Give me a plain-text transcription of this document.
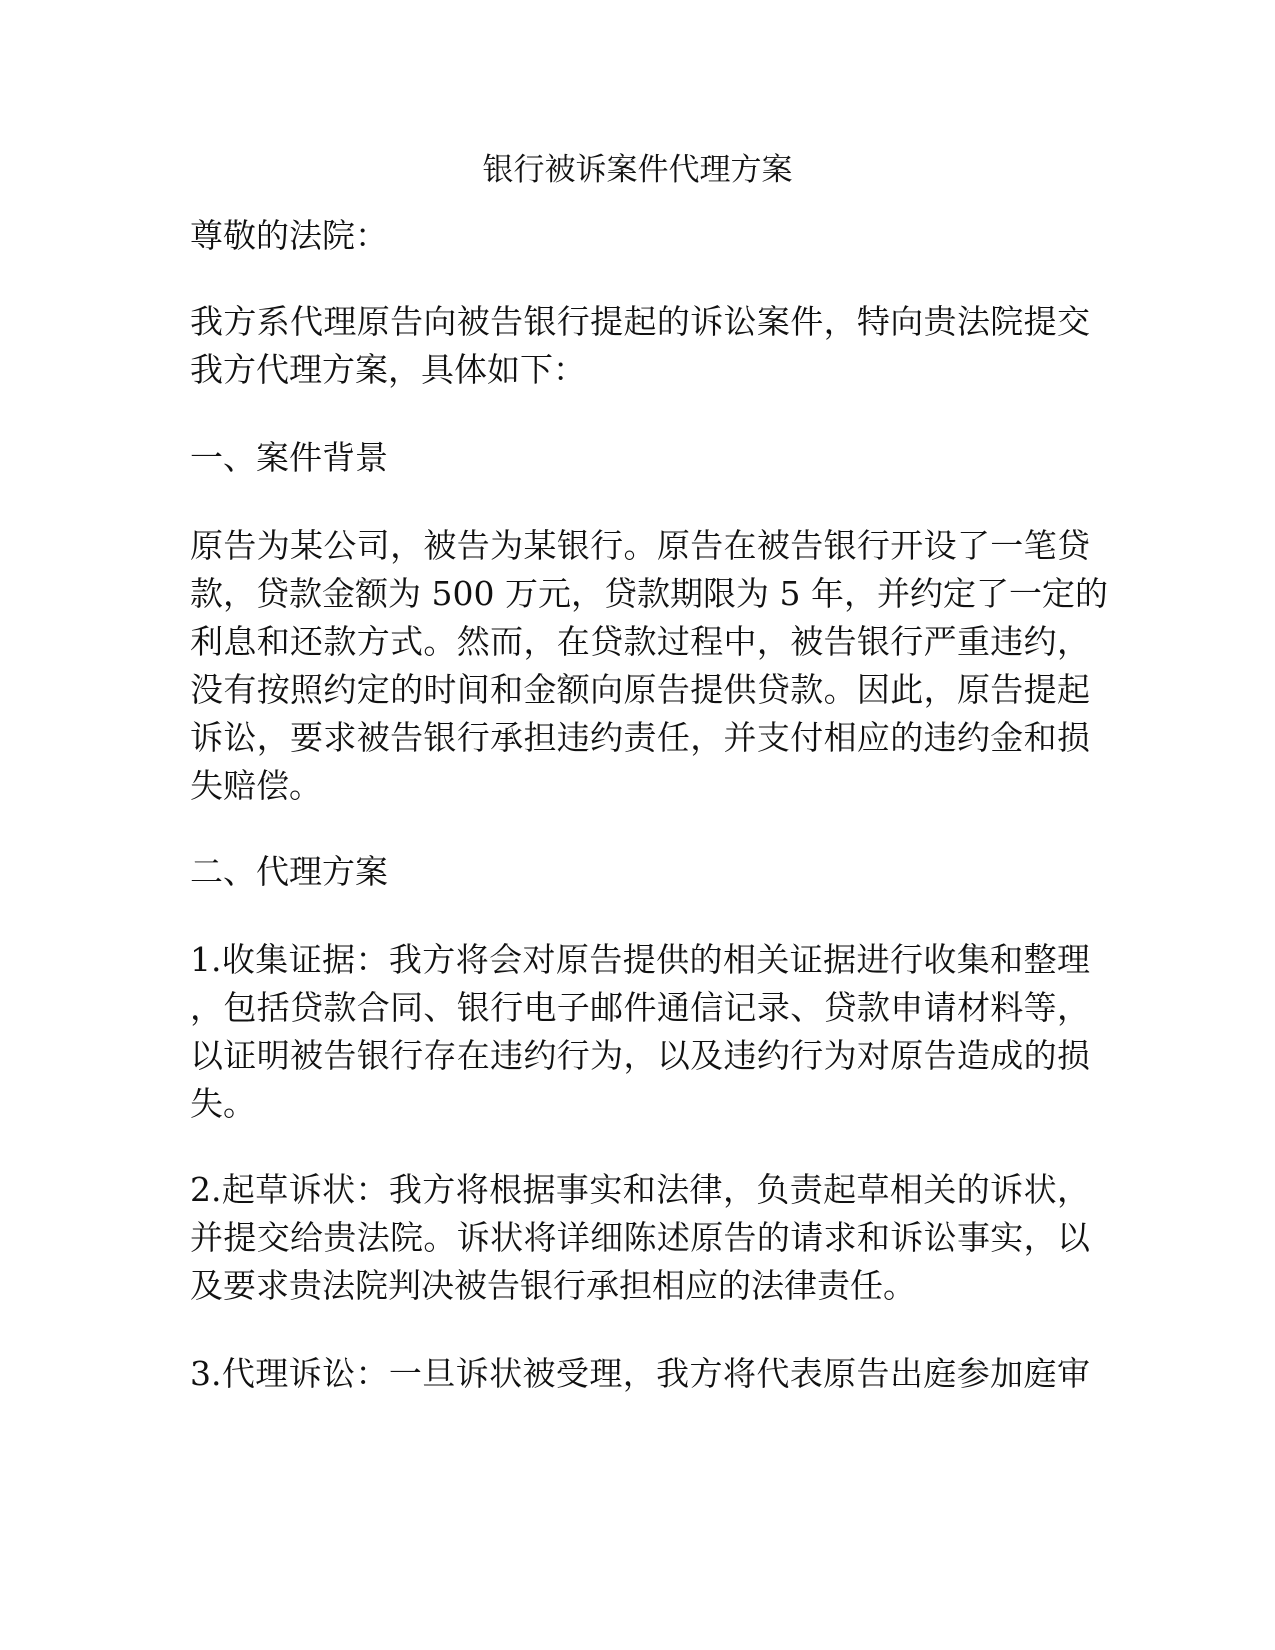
银行被诉案件代理方案

尊敬的法院：

我方系代理原告向被告银行提起的诉讼案件，特向贵法院提交
我方代理方案，具体如下：

一、案件背景

原告为某公司，被告为某银行。原告在被告银行开设了一笔贷
款，贷款金额为 500 万元，贷款期限为 5 年，并约定了一定的
利息和还款方式。然而，在贷款过程中，被告银行严重违约，
没有按照约定的时间和金额向原告提供贷款。因此，原告提起
诉讼，要求被告银行承担违约责任，并支付相应的违约金和损
失赔偿。

二、代理方案

1.收集证据：我方将会对原告提供的相关证据进行收集和整理
，包括贷款合同、银行电子邮件通信记录、贷款申请材料等，
以证明被告银行存在违约行为，以及违约行为对原告造成的损
失。

2.起草诉状：我方将根据事实和法律，负责起草相关的诉状，
并提交给贵法院。诉状将详细陈述原告的请求和诉讼事实，以
及要求贵法院判决被告银行承担相应的法律责任。

3.代理诉讼：一旦诉状被受理，我方将代表原告出庭参加庭审
